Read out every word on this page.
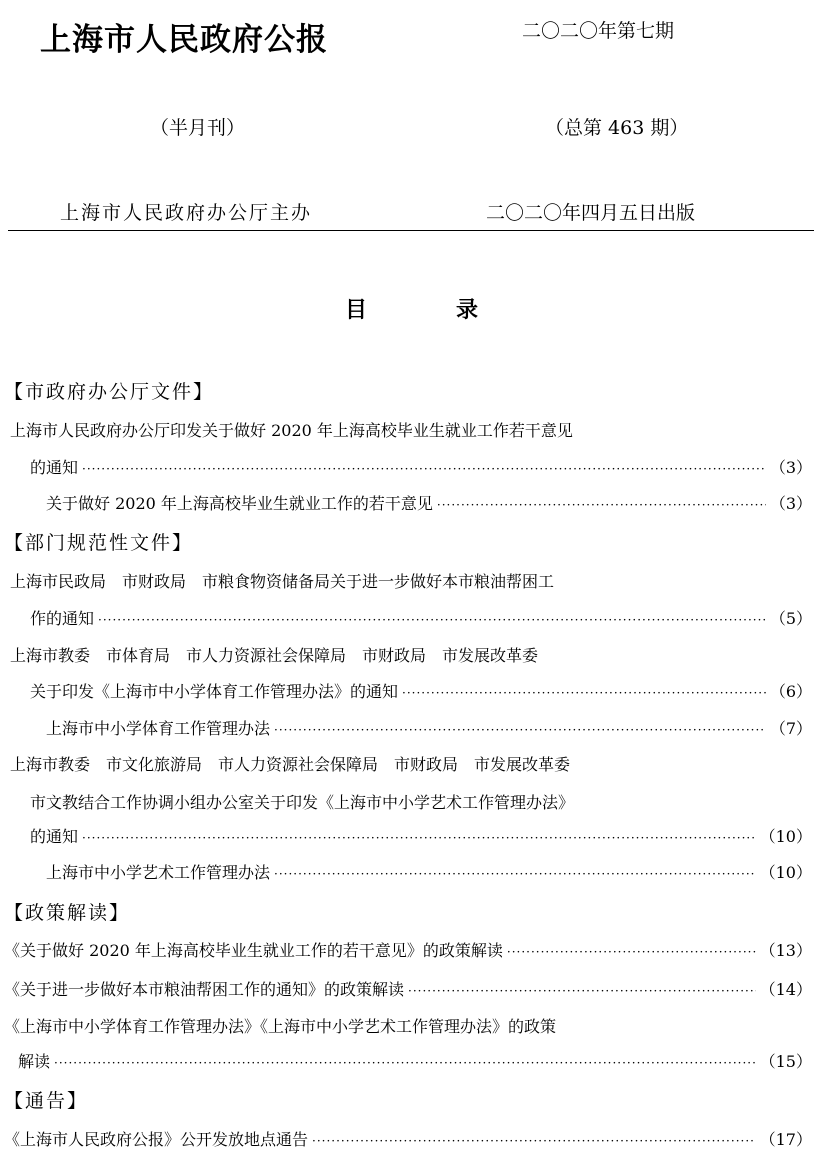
上海市人民政府公报	二〇二〇年第七期
（半月刊）	（总第 463 期）
上海市人民政府办公厅主办	二〇二〇年四月五日出版
目	录
【市政府办公厅文件】
上海市人民政府办公厅印发关于做好 2020 年上海高校毕业生就业工作若干意见
的通知 ·····	（3）
关于做好 2020 年上海高校毕业生就业工作的若干意见 ·····	（3）
【部门规范性文件】
上海市民政局　市财政局　市粮食物资储备局关于进一步做好本市粮油帮困工
作的通知 ·····	（5）
上海市教委　市体育局　市人力资源社会保障局　市财政局　市发展改革委
关于印发《上海市中小学体育工作管理办法》的通知 ·····	（6）
上海市中小学体育工作管理办法 ·····	（7）
上海市教委　市文化旅游局　市人力资源社会保障局　市财政局　市发展改革委
市文教结合工作协调小组办公室关于印发《上海市中小学艺术工作管理办法》
的通知 ·····	（10）
上海市中小学艺术工作管理办法 ·····	（10）
【政策解读】
《关于做好 2020 年上海高校毕业生就业工作的若干意见》的政策解读 ·····	（13）
《关于进一步做好本市粮油帮困工作的通知》的政策解读 ·····	（14）
《上海市中小学体育工作管理办法》《上海市中小学艺术工作管理办法》的政策
解读 ·····	（15）
【通告】
《上海市人民政府公报》公开发放地点通告 ·····	（17）
